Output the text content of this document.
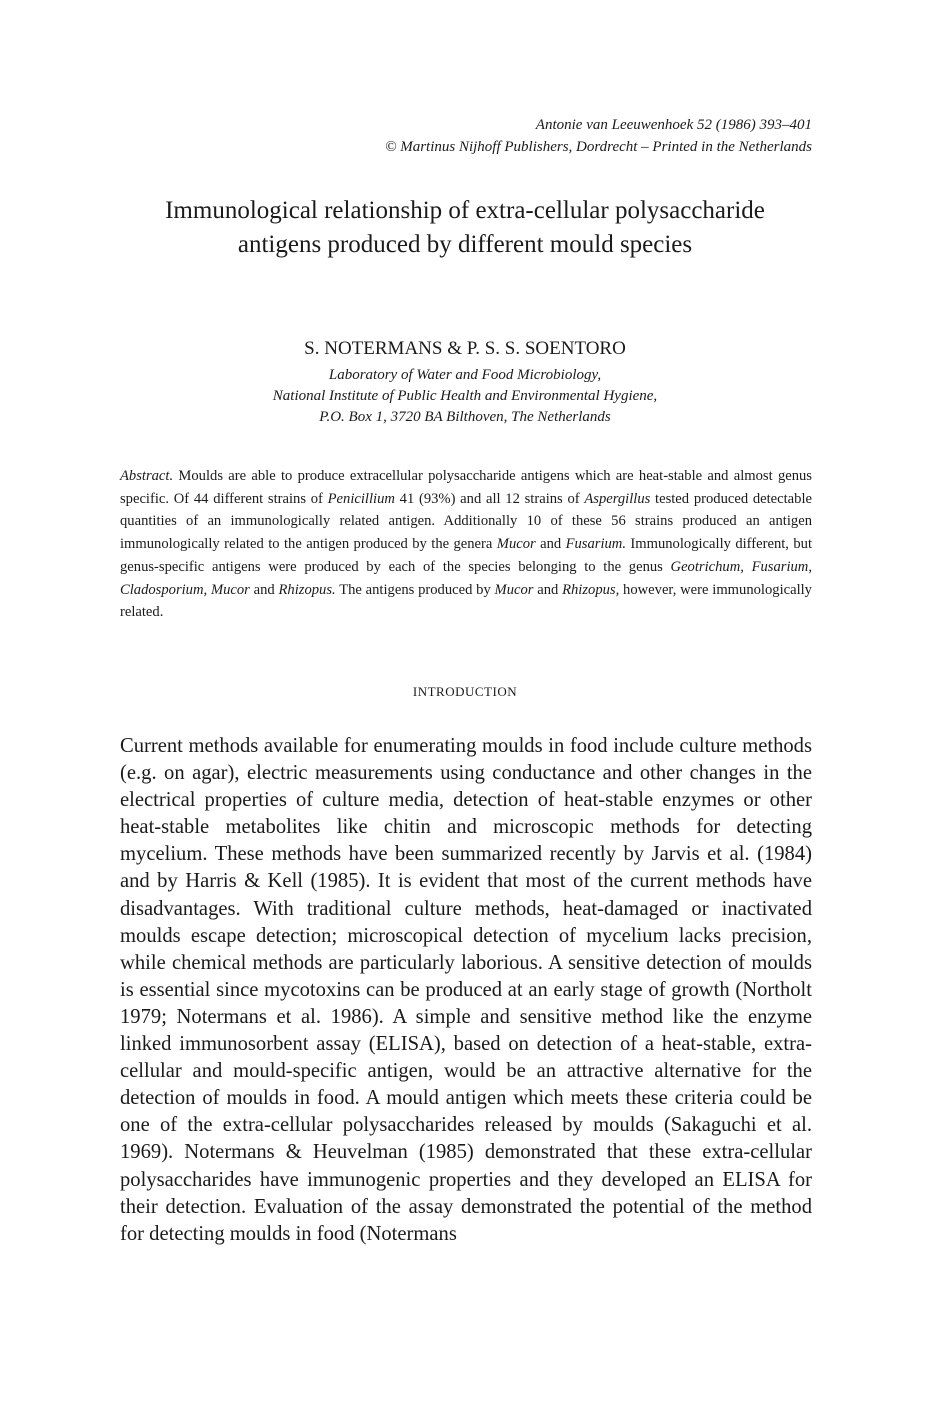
Antonie van Leeuwenhoek 52 (1986) 393–401
© Martinus Nijhoff Publishers, Dordrecht – Printed in the Netherlands
Immunological relationship of extra-cellular polysaccharide
antigens produced by different mould species
S. NOTERMANS & P. S. S. SOENTORO
Laboratory of Water and Food Microbiology,
National Institute of Public Health and Environmental Hygiene,
P.O. Box 1, 3720 BA Bilthoven, The Netherlands
Abstract. Moulds are able to produce extracellular polysaccharide antigens which are heat-stable and almost genus specific. Of 44 different strains of Penicillium 41 (93%) and all 12 strains of Aspergillus tested produced detectable quantities of an immunologically related antigen. Additionally 10 of these 56 strains produced an antigen immunologically related to the antigen produced by the genera Mucor and Fusarium. Immunologically different, but genus-specific antigens were produced by each of the species belonging to the genus Geotrichum, Fusarium, Cladosporium, Mucor and Rhizopus. The antigens produced by Mucor and Rhizopus, however, were immunologically related.
INTRODUCTION
Current methods available for enumerating moulds in food include culture methods (e.g. on agar), electric measurements using conductance and other changes in the electrical properties of culture media, detection of heat-stable enzymes or other heat-stable metabolites like chitin and microscopic methods for detecting mycelium. These methods have been summarized recently by Jarvis et al. (1984) and by Harris & Kell (1985). It is evident that most of the current methods have disadvantages. With traditional culture methods, heat-damaged or inactivated moulds escape detection; microscopical detection of mycelium lacks precision, while chemical methods are particularly laborious. A sensitive detection of moulds is essential since mycotoxins can be produced at an early stage of growth (Northolt 1979; Notermans et al. 1986). A simple and sensitive method like the enzyme linked immunosorbent assay (ELISA), based on detection of a heat-stable, extra-cellular and mould-specific antigen, would be an attractive alternative for the detection of moulds in food. A mould antigen which meets these criteria could be one of the extra-cellular polysaccharides released by moulds (Sakaguchi et al. 1969). Notermans & Heuvelman (1985) demonstrated that these extra-cellular polysaccharides have immunogenic properties and they developed an ELISA for their detection. Evaluation of the assay demonstrated the potential of the method for detecting moulds in food (Notermans
